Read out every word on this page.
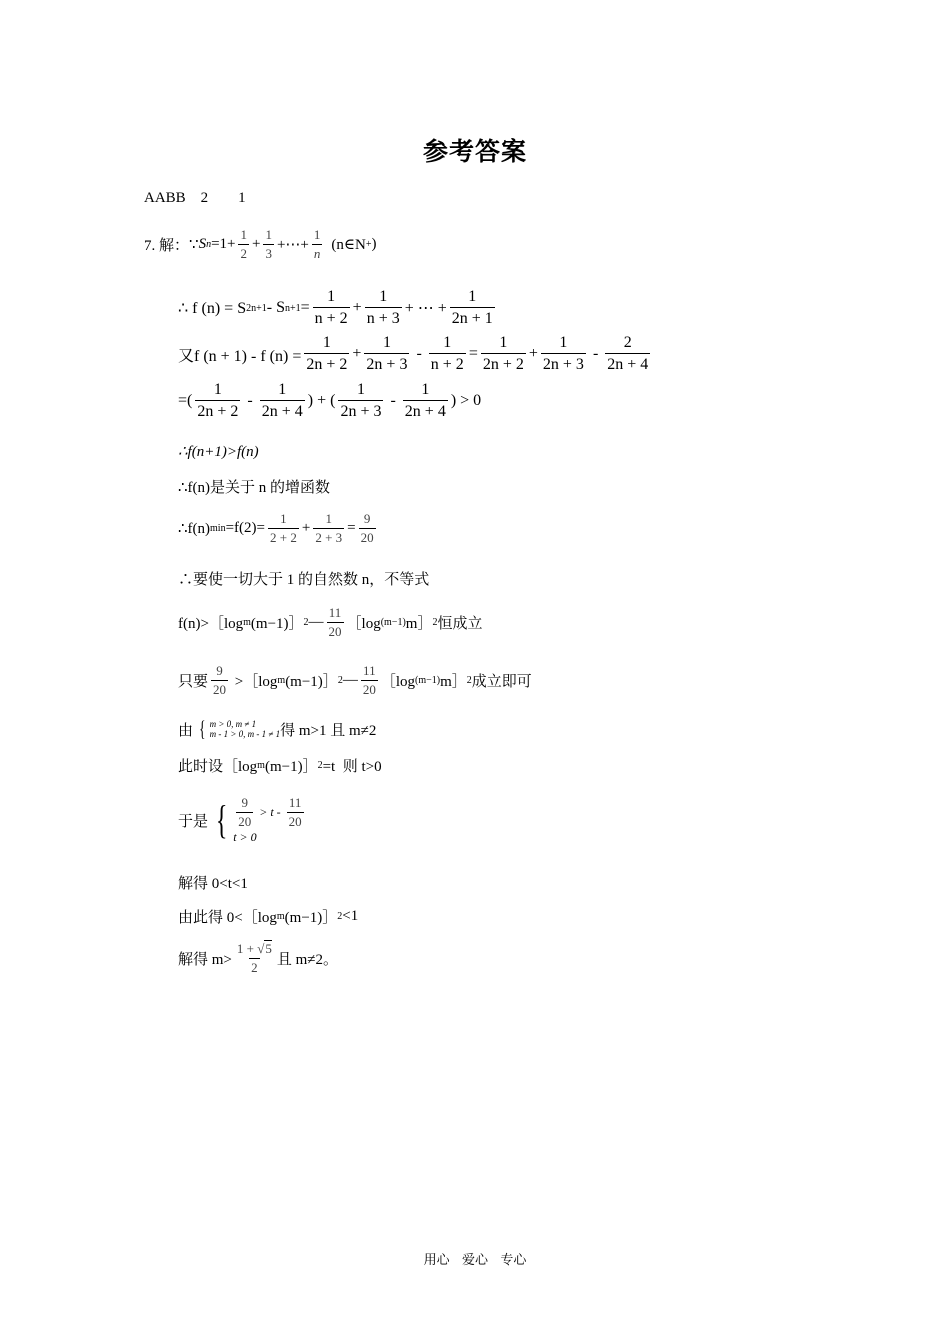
参考答案
AABB    2        1
7. 解： ∵ S $n =1+ \frac{1}{2} + \frac{1}{3}$ +⋯+ $\frac{1}{n}$ (n∈N + )
∴ f (n) = S 2n+1 - S $n+1 = \frac{1}{n + 2} + \frac{1}{n + 3}$ + ⋯ + $\frac{1}{2n + 1}$
又f (n + 1) - f $(n) = \frac{1}{2n + 2} + \frac{1}{2n + 3} - \frac{1}{n + 2} = \frac{1}{2n + 2} + \frac{1}{2n + 3} - \frac{2}{2n + 4}$
=( $\frac{1}{2n + 2} - \frac{1}{2n + 4}$ ) + ( $\frac{1}{2n + 3} - \frac{1}{2n + 4}$ ) > 0
∴f(n+1)>f(n)
∴f(n)是关于 n 的增函数
∴f(n) $\min =f(2)= \frac{1}{2 + 2} + \frac{1}{2 + 3} = \frac{9}{20}$
∴要使一切大于 1 的自然数 n，不等式
f(n)>［log m (m−1)］ 2 — $\frac{11}{20}$ ［log (m−1) m］ 2 恒成立
只要 $\frac{9}{20}$ >［log m (m−1)］ 2 — $\frac{11}{20}$ ［log (m−1) m］ 2 成立即可
由 { m > 0, m ≠ 1
m - 1 > 0, m - 1 ≠ 1 得 m>1 且 m≠2
此时设［log m (m−1)］ 2 =t  则 t>0
于是 { $\frac{9}{20} > t - \frac{11}{20}$
t > 0
解得 0<t<1
由此得 0<［log m (m−1)］ 2 <1
解得 $m> \frac{1 + √5}{2}$ 且 m≠2。
用心   爱心   专心
